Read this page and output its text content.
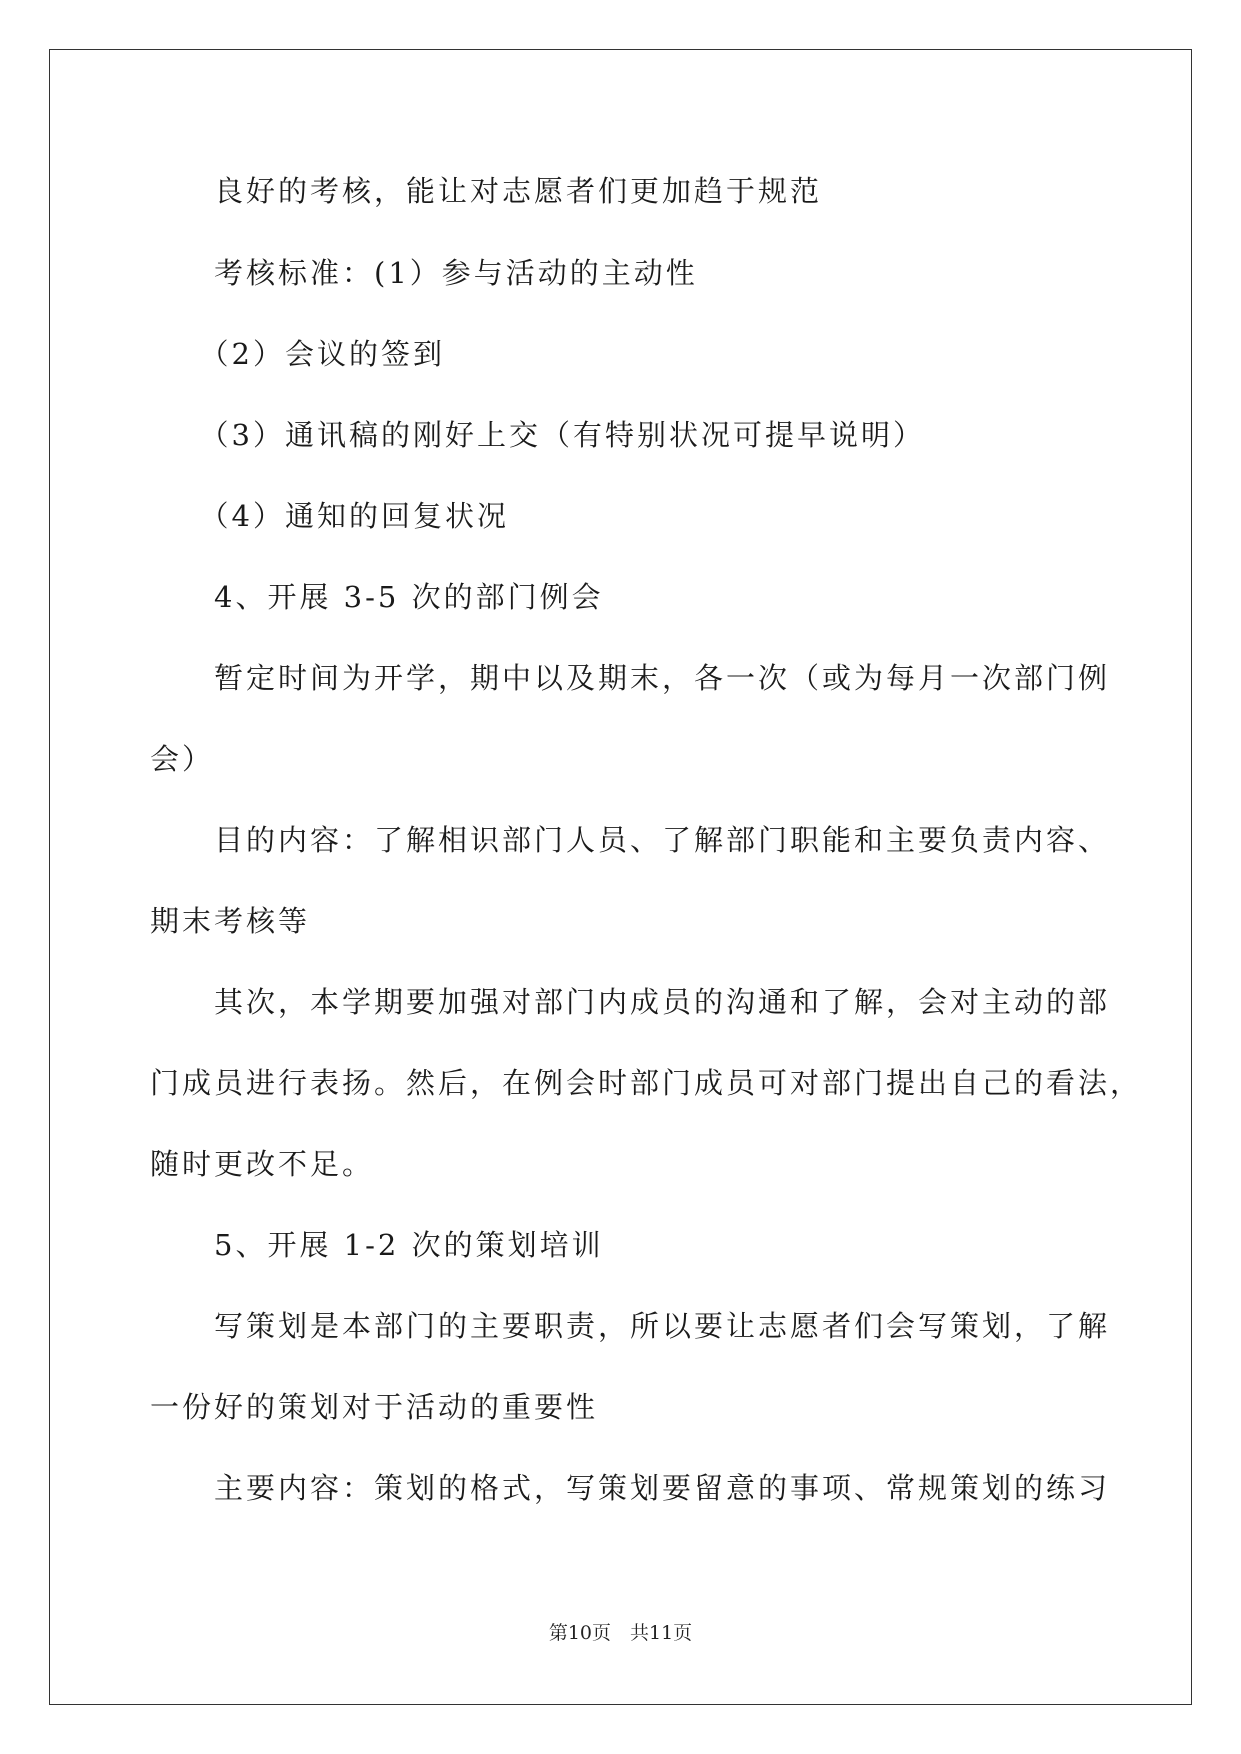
　　良好的考核，能让对志愿者们更加趋于规范

　　考核标准：(1）参与活动的主动性

　　（2）会议的签到

　　（3）通讯稿的刚好上交（有特别状况可提早说明）

　　（4）通知的回复状况

　　4、开展 3-5 次的部门例会

　　暂定时间为开学，期中以及期末，各一次（或为每月一次部门例

会）

　　目的内容：了解相识部门人员、了解部门职能和主要负责内容、

期末考核等

　　其次，本学期要加强对部门内成员的沟通和了解，会对主动的部

门成员进行表扬。然后，在例会时部门成员可对部门提出自己的看法，

随时更改不足。

　　5、开展 1-2 次的策划培训

　　写策划是本部门的主要职责，所以要让志愿者们会写策划，了解

一份好的策划对于活动的重要性

　　主要内容：策划的格式，写策划要留意的事项、常规策划的练习

第10页　共11页
